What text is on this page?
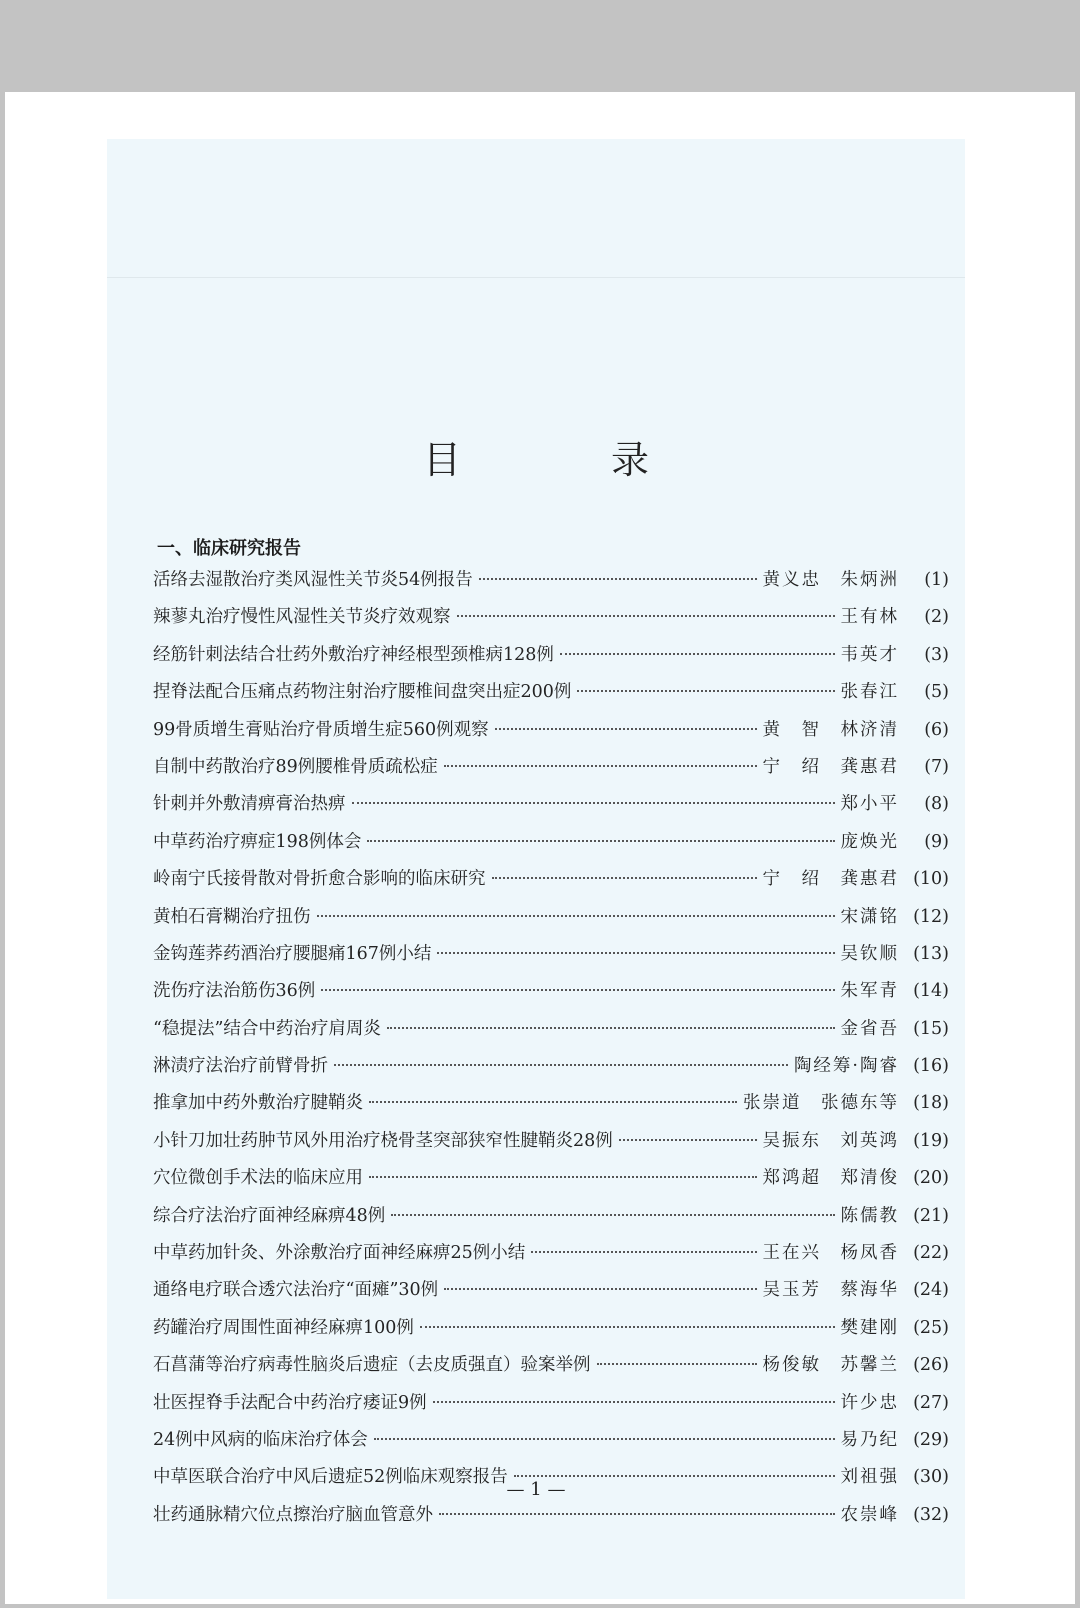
目　录
一、临床研究报告
活络去湿散治疗类风湿性关节炎54例报告	黄义忠　朱炳洲	(1)
辣蓼丸治疗慢性风湿性关节炎疗效观察	王有林	(2)
经筋针刺法结合壮药外敷治疗神经根型颈椎病128例	韦英才	(3)
捏脊法配合压痛点药物注射治疗腰椎间盘突出症200例	张春江	(5)
99骨质增生膏贴治疗骨质增生症560例观察	黄　智　林济清	(6)
自制中药散治疗89例腰椎骨质疏松症	宁　绍　龚惠君	(7)
针刺并外敷清痹膏治热痹	郑小平	(8)
中草药治疗痹症198例体会	庞焕光	(9)
岭南宁氏接骨散对骨折愈合影响的临床研究	宁　绍　龚惠君 (10)
黄柏石膏糊治疗扭伤	宋潇铭 (12)
金钩莲荞药酒治疗腰腿痛167例小结	吴钦顺 (13)
洗伤疗法治筋伤36例	朱军青 (14)
“稳提法”结合中药治疗肩周炎	金省吾 (15)
淋渍疗法治疗前臂骨折	陶经筹·陶睿 (16)
推拿加中药外敷治疗腱鞘炎	张崇道　张德东等 (18)
小针刀加壮药肿节风外用治疗桡骨茎突部狭窄性腱鞘炎28例	吴振东　刘英鸿 (19)
穴位微创手术法的临床应用	郑鸿超　郑清俊 (20)
综合疗法治疗面神经麻痹48例	陈儒教 (21)
中草药加针灸、外涂敷治疗面神经麻痹25例小结	王在兴　杨凤香 (22)
通络电疗联合透穴法治疗“面瘫”30例	吴玉芳　蔡海华 (24)
药罐治疗周围性面神经麻痹100例	樊建刚 (25)
石菖蒲等治疗病毒性脑炎后遗症（去皮质强直）验案举例	杨俊敏　苏馨兰 (26)
壮医捏脊手法配合中药治疗痿证9例	许少忠 (27)
24例中风病的临床治疗体会	易乃纪 (29)
中草医联合治疗中风后遗症52例临床观察报告	刘祖强 (30)
壮药通脉精穴位点擦治疗脑血管意外	农崇峰 (32)
— 1 —
